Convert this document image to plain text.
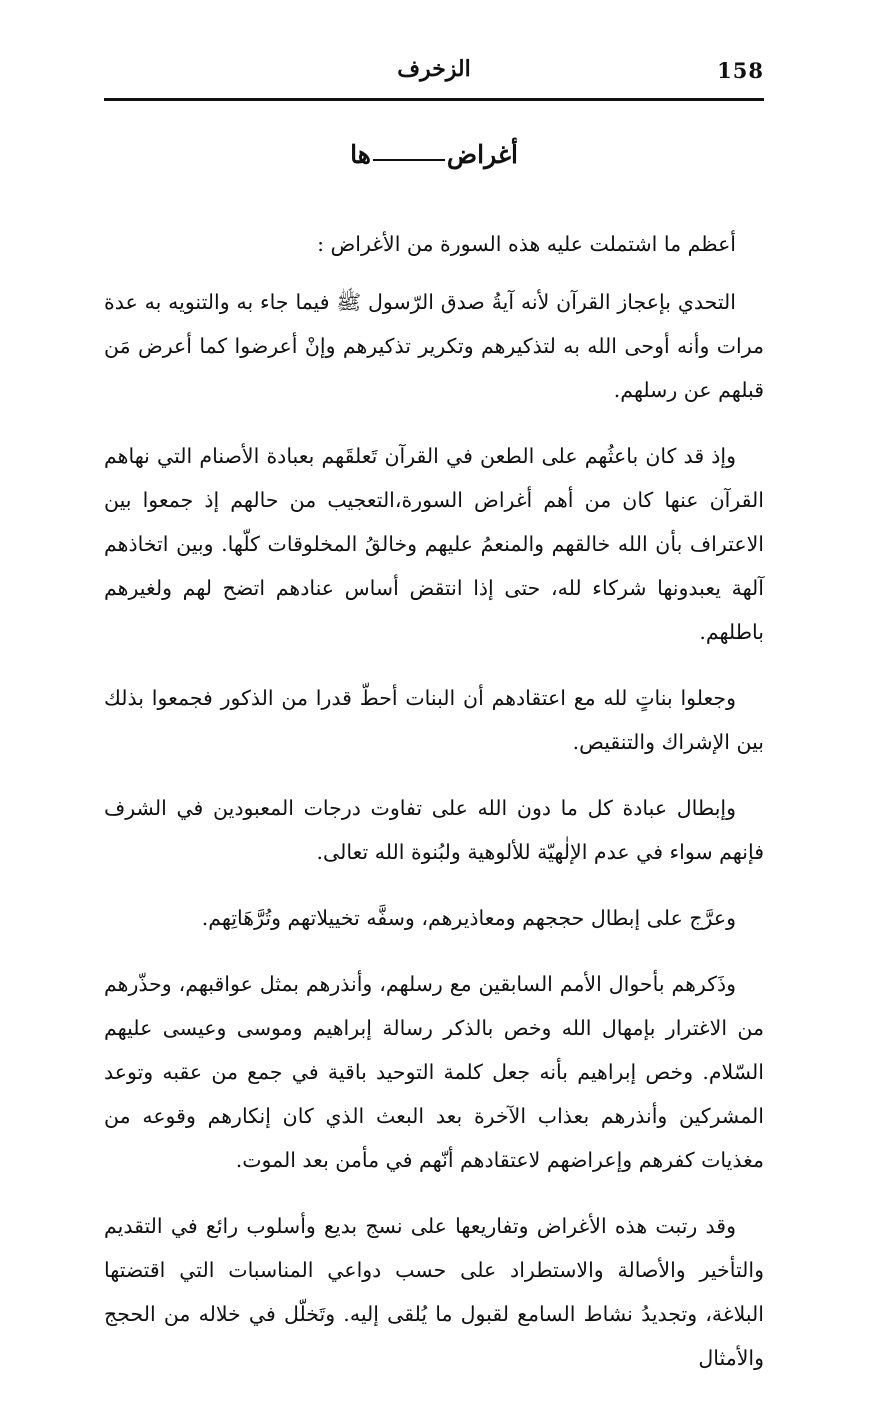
158
الزخرف
أغراضها

أعظم ما اشتملت عليه هذه السورة من الأغراض :

التحدي بإعجاز القرآن لأنه آيةُ صدق الرّسول ﷺ فيما جاء به والتنويه به عدة مرات وأنه أوحى الله به لتذكيرهم وتكرير تذكيرهم وإنْ أعرضوا كما أعرض مَن قبلهم عن رسلهم.

وإذ قد كان باعثُهم على الطعن في القرآن تَعلقَهم بعبادة الأصنام التي نهاهم القرآن عنها كان من أهم أغراض السورة،التعجيب من حالهم إذ جمعوا بين الاعتراف بأن الله خالقهم والمنعمُ عليهم وخالقُ المخلوقات كلّها. وبين اتخاذهم آلهة يعبدونها شركاء لله، حتى إذا انتقض أساس عنادهم اتضح لهم ولغيرهم باطلهم.

وجعلوا بناتٍ لله مع اعتقادهم أن البنات أحطّ قدرا من الذكور فجمعوا بذلك بين الإشراك والتنقيص.

وإبطال عبادة كل ما دون الله على تفاوت درجات المعبودين في الشرف فإنهم سواء في عدم الإلٰهيّة للألوهية ولبُنوة الله تعالى.

وعرَّج على إبطال حججهم ومعاذيرهم، وسفَّه تخييلاتهم وتُرَّهَاتِهم.

وذَكرهم بأحوال الأمم السابقين مع رسلهم، وأنذرهم بمثل عواقبهم، وحذّرهم من الاغترار بإمهال الله وخص بالذكر رسالة إبراهيم وموسى وعيسى عليهم السّلام. وخص إبراهيم بأنه جعل كلمة التوحيد باقية في جمع من عقبه وتوعد المشركين وأنذرهم بعذاب الآخرة بعد البعث الذي كان إنكارهم وقوعه من مغذيات كفرهم وإعراضهم لاعتقادهم أنّهم في مأمن بعد الموت.

وقد رتبت هذه الأغراض وتفاريعها على نسج بديع وأسلوب رائع في التقديم والتأخير والأصالة والاستطراد على حسب دواعي المناسبات التي اقتضتها البلاغة، وتجديدُ نشاط السامع لقبول ما يُلقى إليه. وتَخلّل في خلاله من الحجج والأمثال
